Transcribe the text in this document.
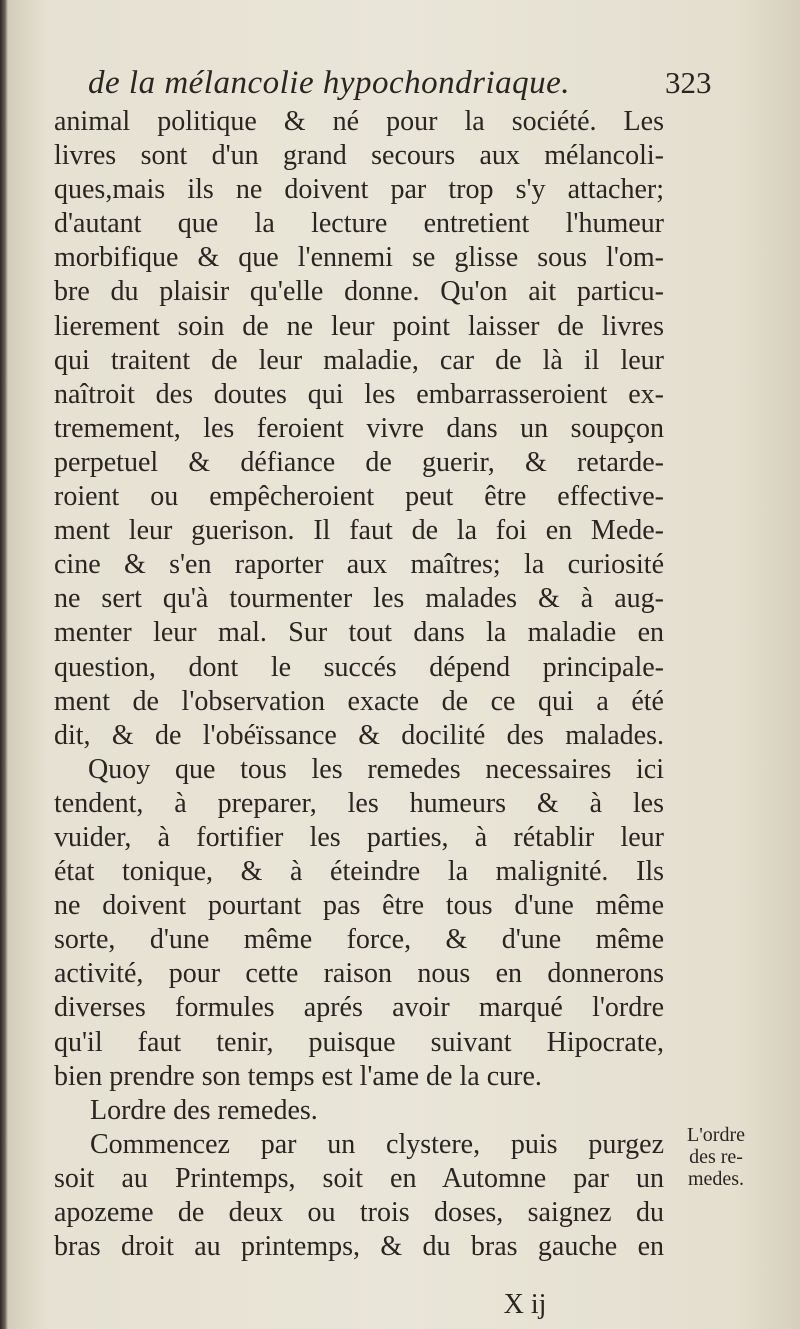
de la mélancolie hypochondriaque.	323
animal politique & né pour la société. Les
livres sont d'un grand secours aux mélancoli-
ques,mais ils ne doivent par trop s'y attacher;
d'autant que la lecture entretient l'humeur
morbifique & que l'ennemi se glisse sous l'om-
bre du plaisir qu'elle donne. Qu'on ait particu-
lierement soin de ne leur point laisser de livres
qui traitent de leur maladie, car de là il leur
naîtroit des doutes qui les embarrasseroient ex-
tremement, les feroient vivre dans un soupçon
perpetuel & défiance de guerir, & retarde-
roient ou empêcheroient peut être effective-
ment leur guerison. Il faut de la foi en Mede-
cine & s'en raporter aux maîtres; la curiosité
ne sert qu'à tourmenter les malades & à aug-
menter leur mal. Sur tout dans la maladie en
question, dont le succés dépend principale-
ment de l'observation exacte de ce qui a été
dit, & de l'obéïssance & docilité des malades.
Quoy que tous les remedes necessaires ici
tendent, à preparer, les humeurs & à les
vuider, à fortifier les parties, à rétablir leur
état tonique, & à éteindre la malignité. Ils
ne doivent pourtant pas être tous d'une même
sorte, d'une même force, & d'une même
activité, pour cette raison nous en donnerons
diverses formules aprés avoir marqué l'ordre
qu'il faut tenir, puisque suivant Hipocrate,
bien prendre son temps est l'ame de la cure.
Lordre des remedes.
Commencez par un clystere, puis purgez
soit au Printemps, soit en Automne par un
apozeme de deux ou trois doses, saignez du
bras droit au printemps, & du bras gauche en
L'ordre
des re-
medes.
X ij
